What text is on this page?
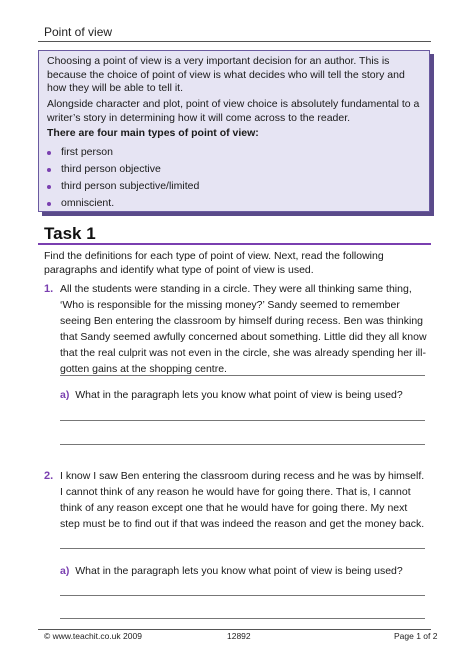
Point of view

Choosing a point of view is a very important decision for an author. This is because the choice of point of view is what decides who will tell the story and how they will be able to tell it.

Alongside character and plot, point of view choice is absolutely fundamental to a writer’s story in determining how it will come across to the reader.

There are four main types of point of view:
first person
third person objective
third person subjective/limited
omniscient.
Task 1
Find the definitions for each type of point of view. Next, read the following paragraphs and identify what type of point of view is used.
1. All the students were standing in a circle. They were all thinking same thing, ‘Who is responsible for the missing money?’ Sandy seemed to remember seeing Ben entering the classroom by himself during recess. Ben was thinking that Sandy seemed awfully concerned about something. Little did they all know that the real culprit was not even in the circle, she was already spending her ill-gotten gains at the shopping centre.
a) What in the paragraph lets you know what point of view is being used?
2. I know I saw Ben entering the classroom during recess and he was by himself. I cannot think of any reason he would have for going there. That is, I cannot think of any reason except one that he would have for going there. My next step must be to find out if that was indeed the reason and get the money back.
a) What in the paragraph lets you know what point of view is being used?
© www.teachit.co.uk 2009	12892	Page 1 of 2
